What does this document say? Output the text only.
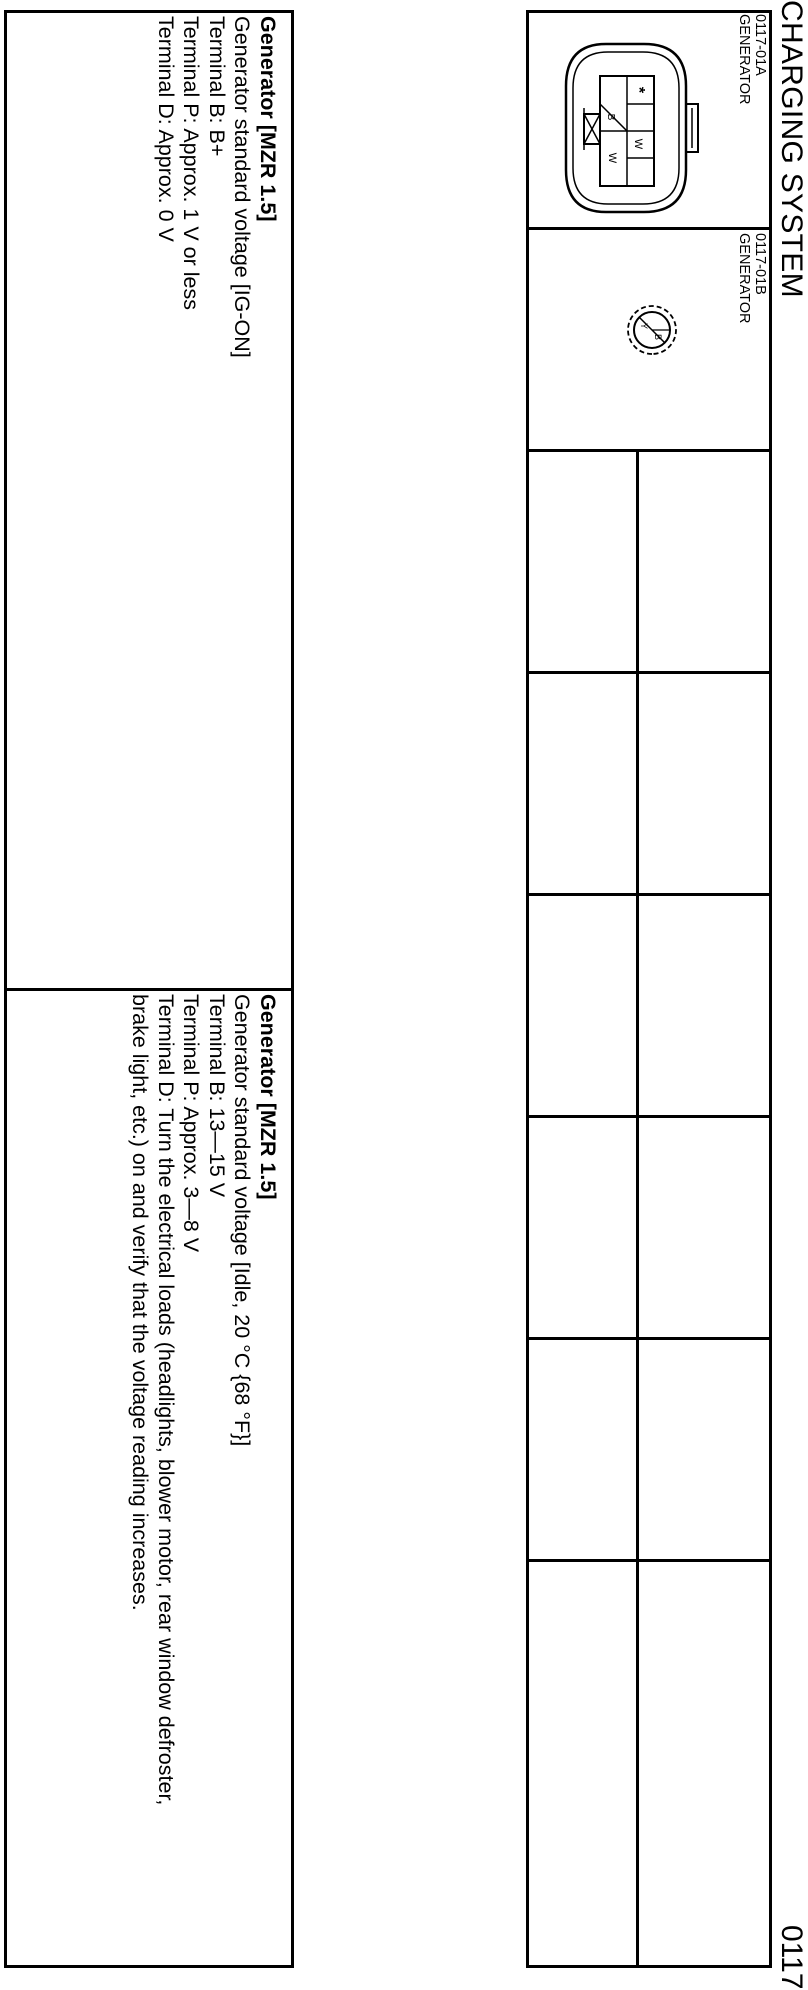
CHARGING SYSTEM
0117
0117-01A
GENERATOR
*
W
B
W
0117-01B
GENERATOR
B
Y
Generator [MZR 1.5]
Generator standard voltage [IG-ON]
Terminal B: B+
Terminal P: Approx. 1 V or less
Terminal D: Approx. 0 V
Generator [MZR 1.5]
Generator standard voltage [Idle, 20 °C {68 °F}]
Terminal B: 13—15 V
Terminal P: Approx. 3—8 V
Terminal D: Turn the electrical loads (headlights, blower motor, rear window defroster, brake light, etc.) on and verify that the voltage reading increases.
